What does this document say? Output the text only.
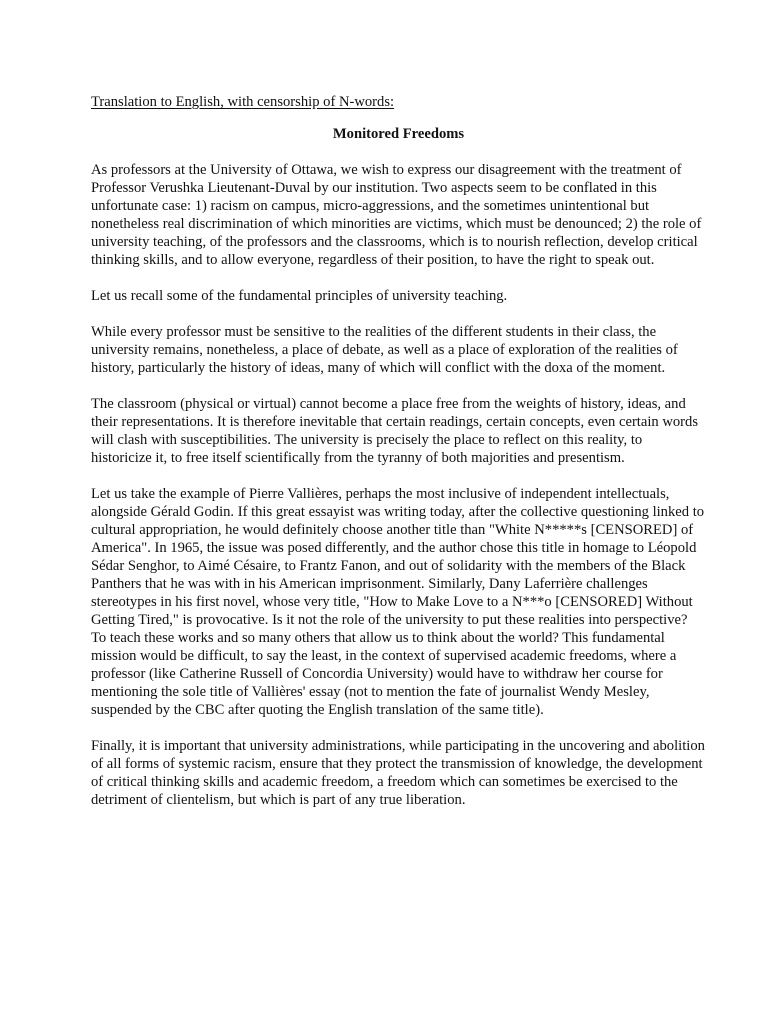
Translation to English, with censorship of N-words:

Monitored Freedoms

As professors at the University of Ottawa, we wish to express our disagreement with the treatment of Professor Verushka Lieutenant-Duval by our institution. Two aspects seem to be conflated in this unfortunate case: 1) racism on campus, micro-aggressions, and the sometimes unintentional but nonetheless real discrimination of which minorities are victims, which must be denounced; 2) the role of university teaching, of the professors and the classrooms, which is to nourish reflection, develop critical thinking skills, and to allow everyone, regardless of their position, to have the right to speak out.

Let us recall some of the fundamental principles of university teaching.

While every professor must be sensitive to the realities of the different students in their class, the university remains, nonetheless, a place of debate, as well as a place of exploration of the realities of history, particularly the history of ideas, many of which will conflict with the doxa of the moment.

The classroom (physical or virtual) cannot become a place free from the weights of history, ideas, and their representations. It is therefore inevitable that certain readings, certain concepts, even certain words will clash with susceptibilities. The university is precisely the place to reflect on this reality, to historicize it, to free itself scientifically from the tyranny of both majorities and presentism.

Let us take the example of Pierre Vallières, perhaps the most inclusive of independent intellectuals, alongside Gérald Godin. If this great essayist was writing today, after the collective questioning linked to cultural appropriation, he would definitely choose another title than "White N*****s [CENSORED] of America". In 1965, the issue was posed differently, and the author chose this title in homage to Léopold Sédar Senghor, to Aimé Césaire, to Frantz Fanon, and out of solidarity with the members of the Black Panthers that he was with in his American imprisonment. Similarly, Dany Laferrière challenges stereotypes in his first novel, whose very title, "How to Make Love to a N***o [CENSORED] Without Getting Tired," is provocative. Is it not the role of the university to put these realities into perspective? To teach these works and so many others that allow us to think about the world? This fundamental mission would be difficult, to say the least, in the context of supervised academic freedoms, where a professor (like Catherine Russell of Concordia University) would have to withdraw her course for mentioning the sole title of Vallières' essay (not to mention the fate of journalist Wendy Mesley, suspended by the CBC after quoting the English translation of the same title).

Finally, it is important that university administrations, while participating in the uncovering and abolition of all forms of systemic racism, ensure that they protect the transmission of knowledge, the development of critical thinking skills and academic freedom, a freedom which can sometimes be exercised to the detriment of clientelism, but which is part of any true liberation.
